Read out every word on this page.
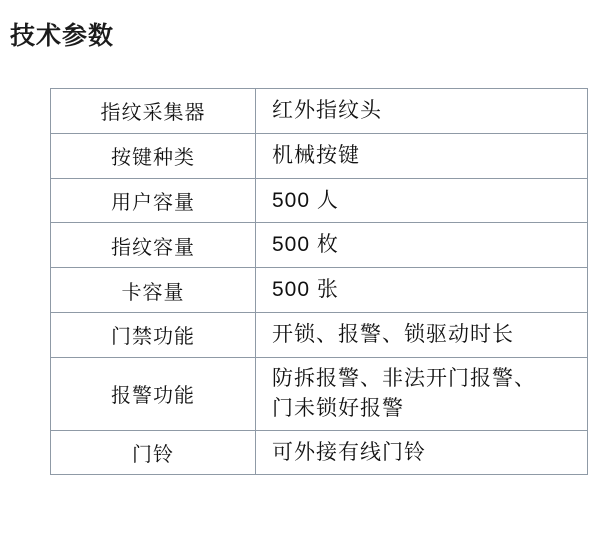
技术参数
指纹采集器	红外指纹头

按键种类	机械按键

用户容量	500 人

指纹容量	500 枚

卡容量	500 张

门禁功能	开锁、报警、锁驱动时长

报警功能	防拆报警、非法开门报警、
门未锁好报警

门铃	可外接有线门铃
